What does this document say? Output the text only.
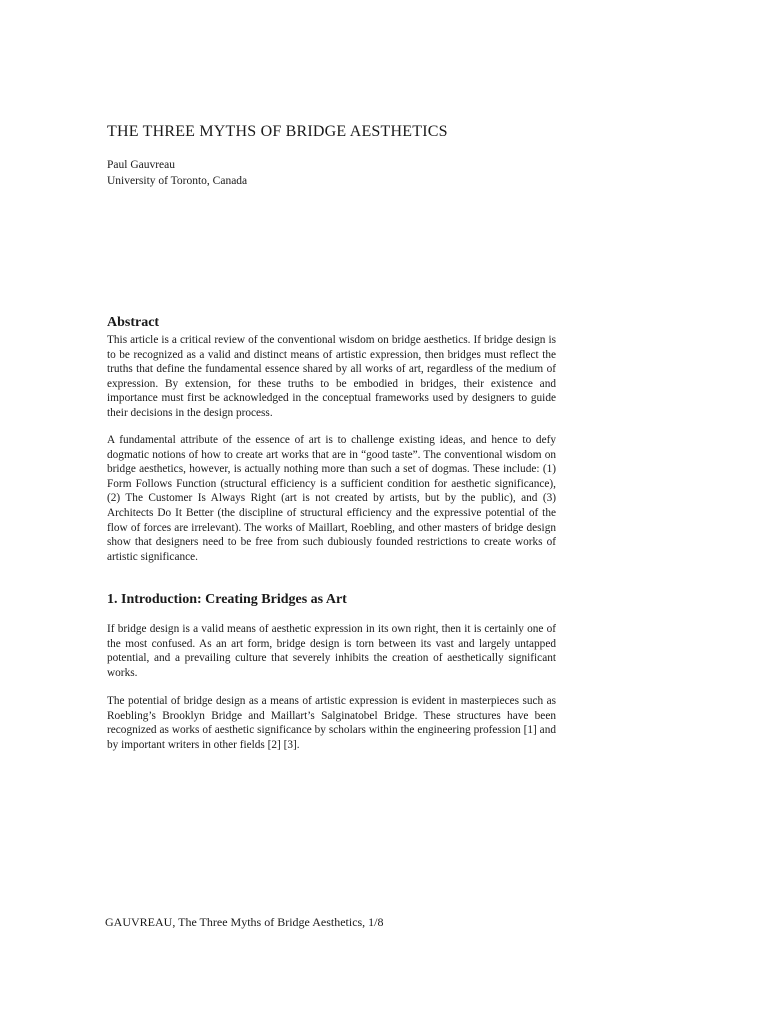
THE THREE MYTHS OF BRIDGE AESTHETICS
Paul Gauvreau
University of Toronto, Canada
Abstract

This article is a critical review of the conventional wisdom on bridge aesthetics. If bridge design is to be recognized as a valid and distinct means of artistic expression, then bridges must reflect the truths that define the fundamental essence shared by all works of art, regardless of the medium of expression. By extension, for these truths to be embodied in bridges, their existence and importance must first be acknowledged in the conceptual frameworks used by designers to guide their decisions in the design process.

A fundamental attribute of the essence of art is to challenge existing ideas, and hence to defy dogmatic notions of how to create art works that are in “good taste”. The conventional wisdom on bridge aesthetics, however, is actually nothing more than such a set of dogmas. These include: (1) Form Follows Function (structural efficiency is a sufficient condition for aesthetic significance), (2) The Customer Is Always Right (art is not created by artists, but by the public), and (3) Architects Do It Better (the discipline of structural efficiency and the expressive potential of the flow of forces are irrelevant). The works of Maillart, Roebling, and other masters of bridge design show that designers need to be free from such dubiously founded restrictions to create works of artistic significance.

1. Introduction: Creating Bridges as Art

If bridge design is a valid means of aesthetic expression in its own right, then it is certainly one of the most confused. As an art form, bridge design is torn between its vast and largely untapped potential, and a prevailing culture that severely inhibits the creation of aesthetically significant works.

The potential of bridge design as a means of artistic expression is evident in masterpieces such as Roebling’s Brooklyn Bridge and Maillart’s Salginatobel Bridge. These structures have been recognized as works of aesthetic significance by scholars within the engineering profession [1] and by important writers in other fields [2] [3].

GAUVREAU, The Three Myths of Bridge Aesthetics, 1/8
